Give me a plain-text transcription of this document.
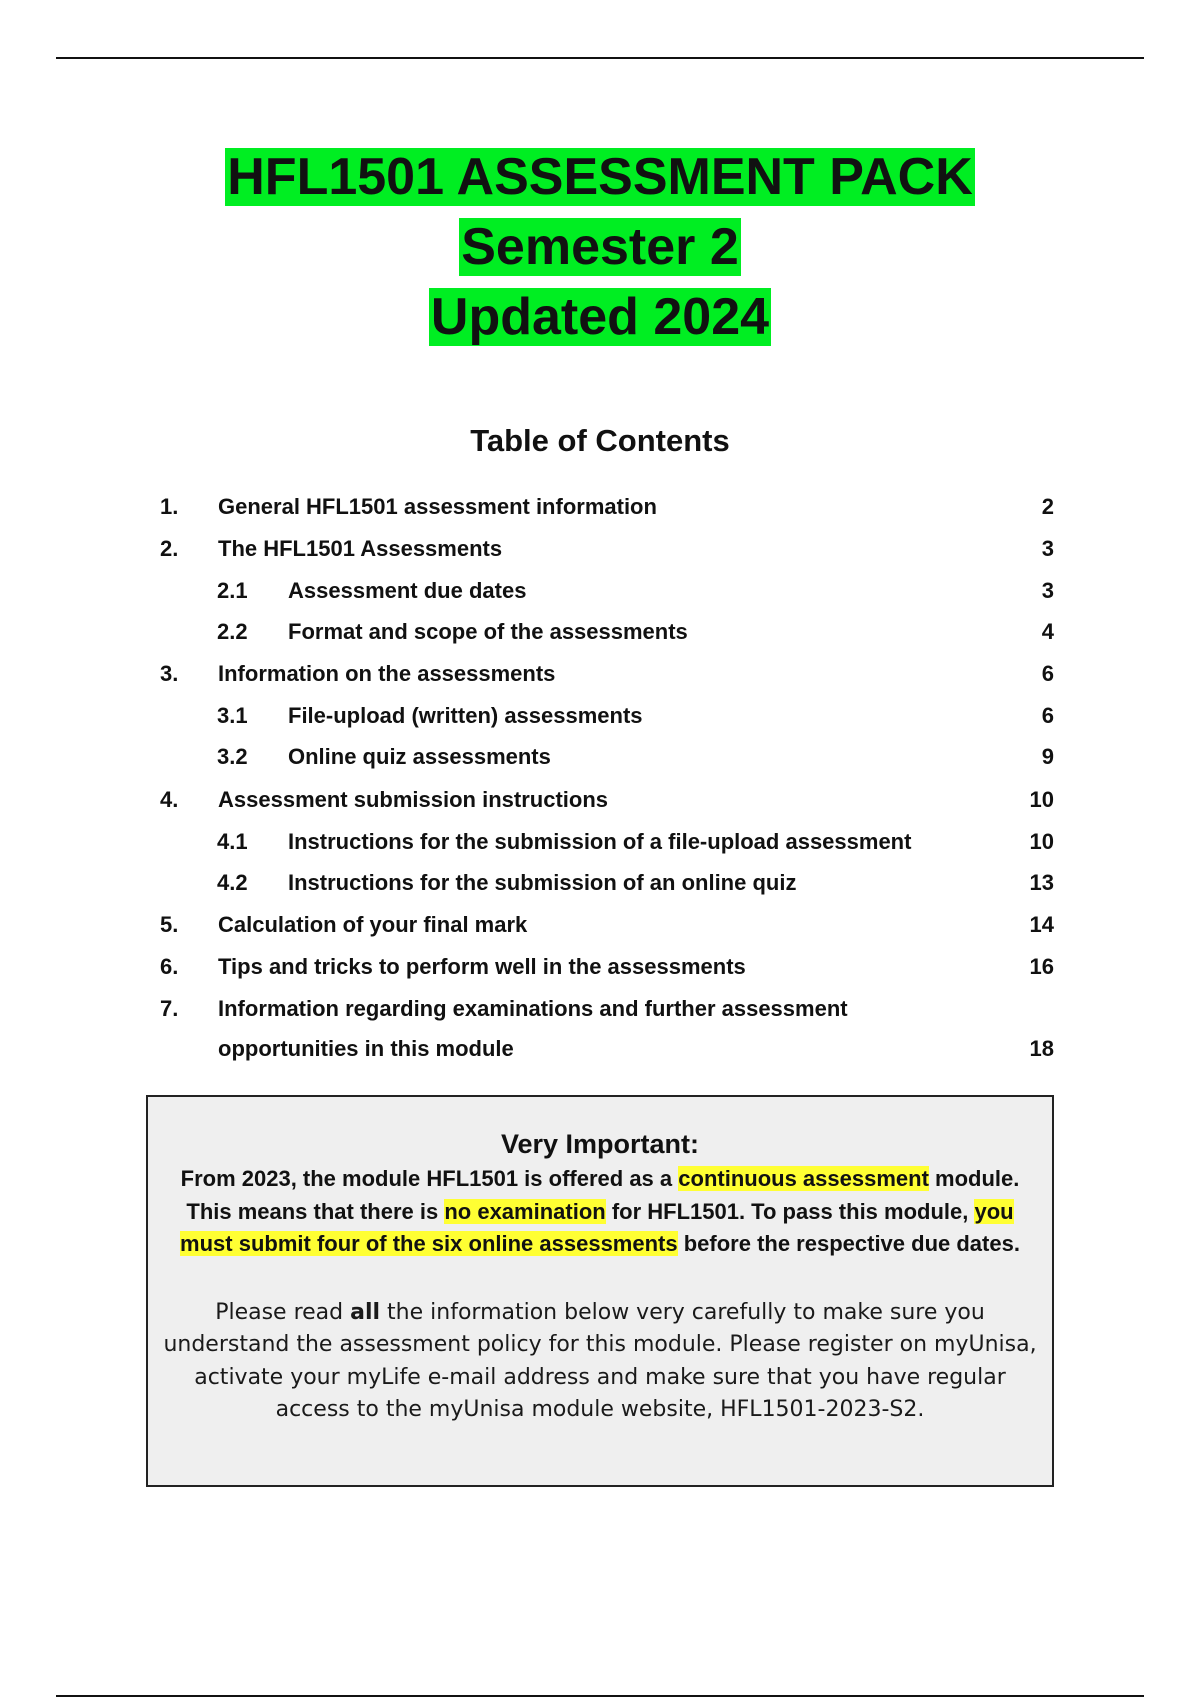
HFL1501 ASSESSMENT PACK
Semester 2
Updated 2024
Table of Contents
1. General HFL1501 assessment information	2
2. The HFL1501 Assessments	3
2.1 Assessment due dates	3
2.2 Format and scope of the assessments	4
3. Information on the assessments	6
3.1 File-upload (written) assessments	6
3.2 Online quiz assessments	9
4. Assessment submission instructions	10
4.1 Instructions for the submission of a file-upload assessment	10
4.2 Instructions for the submission of an online quiz	13
5. Calculation of your final mark	14
6. Tips and tricks to perform well in the assessments	16
7. Information regarding examinations and further assessment
opportunities in this module	18
Very Important:
From 2023, the module HFL1501 is offered as a continuous assessment module. This means that there is no examination for HFL1501. To pass this module, you must submit four of the six online assessments before the respective due dates.
Please read all the information below very carefully to make sure you understand the assessment policy for this module. Please register on myUnisa, activate your myLife e-mail address and make sure that you have regular access to the myUnisa module website, HFL1501-2023-S2.
